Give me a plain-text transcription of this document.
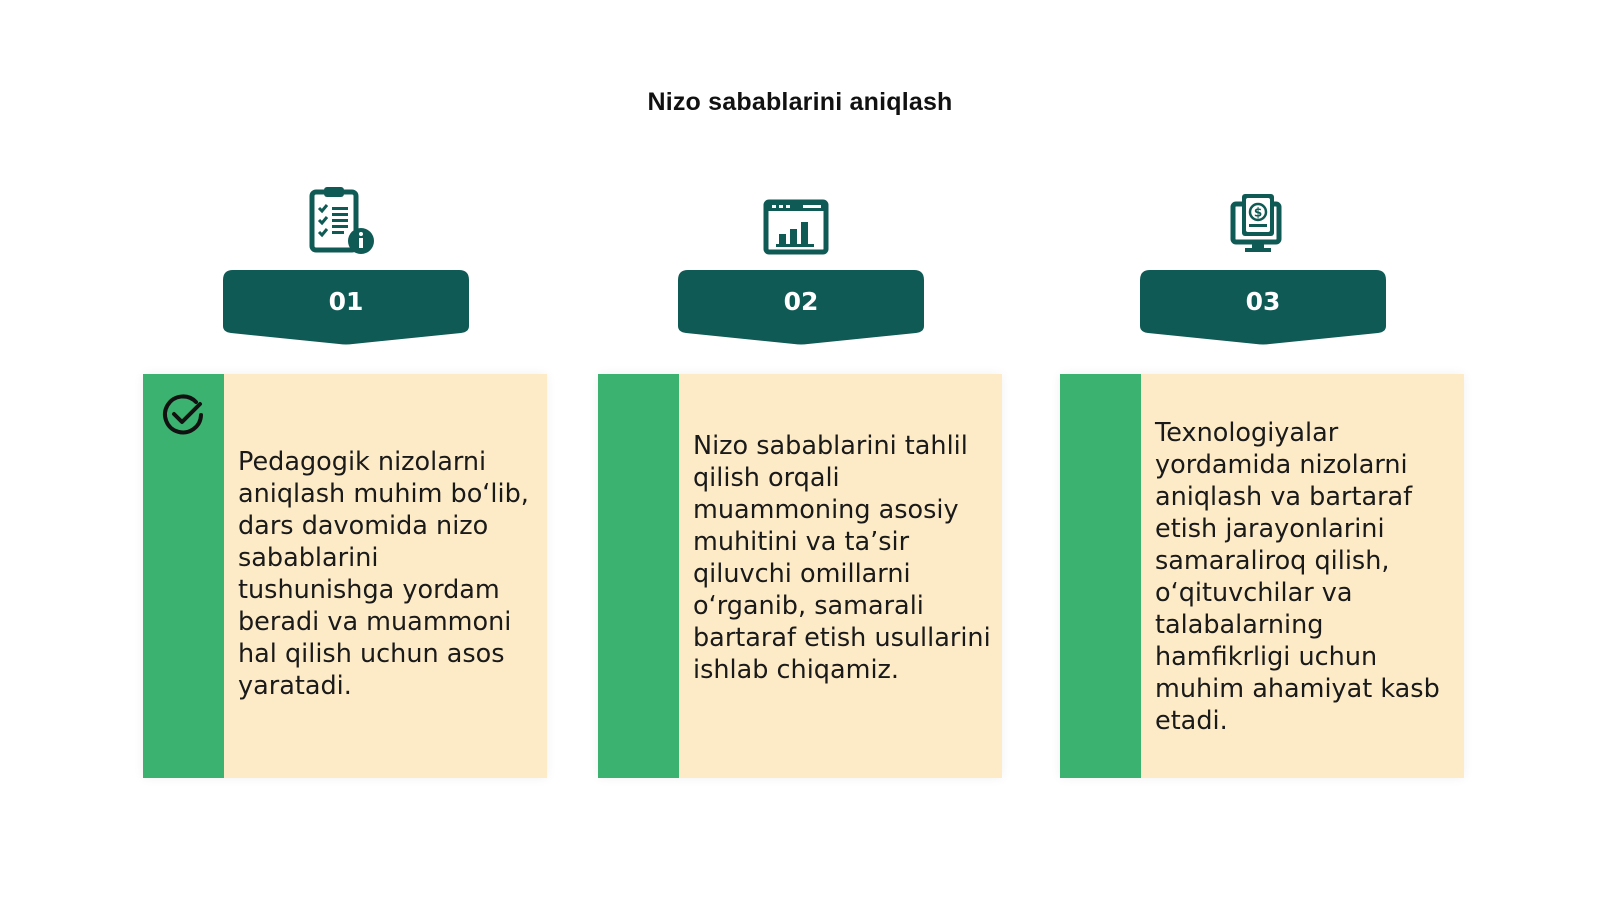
Nizo sabablarini aniqlash
01
Pedagogik nizolarni aniqlash muhim bo‘lib, dars davomida nizo sabablarini tushunishga yordam beradi va muammoni hal qilish uchun asos yaratadi.
02
Nizo sabablarini tahlil qilish orqali muammoning asosiy muhitini va ta’sir qiluvchi omillarni o‘rganib, samarali bartaraf etish usullarini ishlab chiqamiz.
$
03
Texnologiyalar yordamida nizolarni aniqlash va bartaraf etish jarayonlarini samaraliroq qilish, o‘qituvchilar va talabalarning hamfikrligi uchun muhim ahamiyat kasb etadi.
